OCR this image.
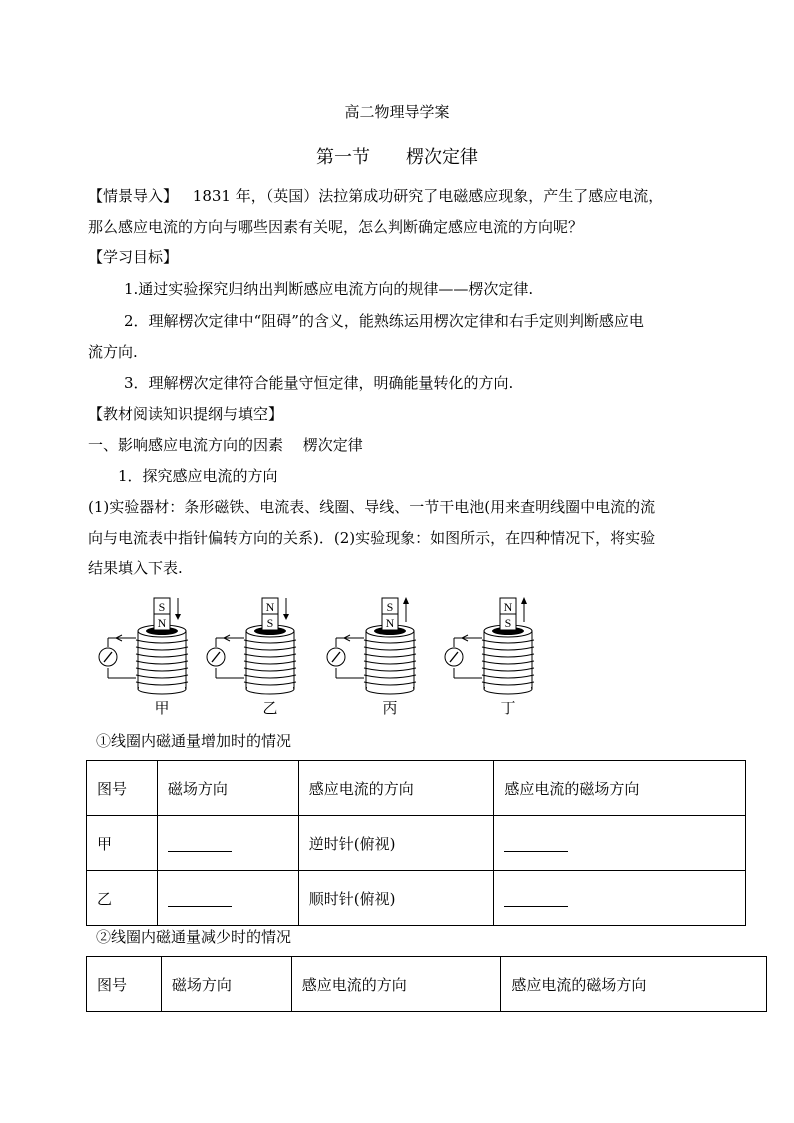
高二物理导学案
第一节　　楞次定律
【情景导入】 1831 年，（英国）法拉第成功研究了电磁感应现象，产生了感应电流，
那么感应电流的方向与哪些因素有关呢，怎么判断确定感应电流的方向呢？
【学习目标】
1.通过实验探究归纳出判断感应电流方向的规律——楞次定律.
2．理解楞次定律中“阻碍”的含义，能熟练运用楞次定律和右手定则判断感应电
流方向.
3．理解楞次定律符合能量守恒定律，明确能量转化的方向.
【教材阅读知识提纲与填空】
一、影响感应电流方向的因素　 楞次定律
1．探究感应电流的方向
(1)实验器材：条形磁铁、电流表、线圈、导线、一节干电池(用来查明线圈中电流的流
向与电流表中指针偏转方向的关系)．(2)实验现象：如图所示，在四种情况下，将实验
结果填入下表.
S
N
甲
N
S
乙
S
N
丙
N
S
丁
①线圈内磁通量增加时的情况
图号	磁场方向	感应电流的方向	感应电流的磁场方向
甲		逆时针(俯视)	
乙		顺时针(俯视)	
②线圈内磁通量减少时的情况
图号	磁场方向	感应电流的方向	感应电流的磁场方向
